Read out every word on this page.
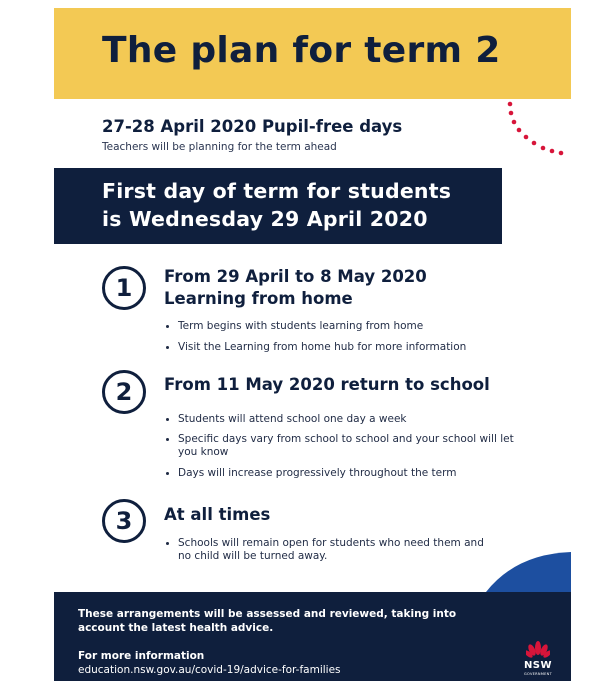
The plan for term 2
27-28 April 2020 Pupil-free days
Teachers will be planning for the term ahead
First day of term for students
is Wednesday 29 April 2020
1	From 29 April to 8 May 2020
Learning from home
Term begins with students learning from home
Visit the Learning from home hub for more information
2	From 11 May 2020 return to school
Students will attend school one day a week
Specific days vary from school to school and your school will let you know
Days will increase progressively throughout the term
3	At all times
Schools will remain open for students who need them and no child will be turned away.
These arrangements will be assessed and reviewed, taking into account the latest health advice.
For more information
education.nsw.gov.au/covid-19/advice-for-families	NSW
GOVERNMENT
